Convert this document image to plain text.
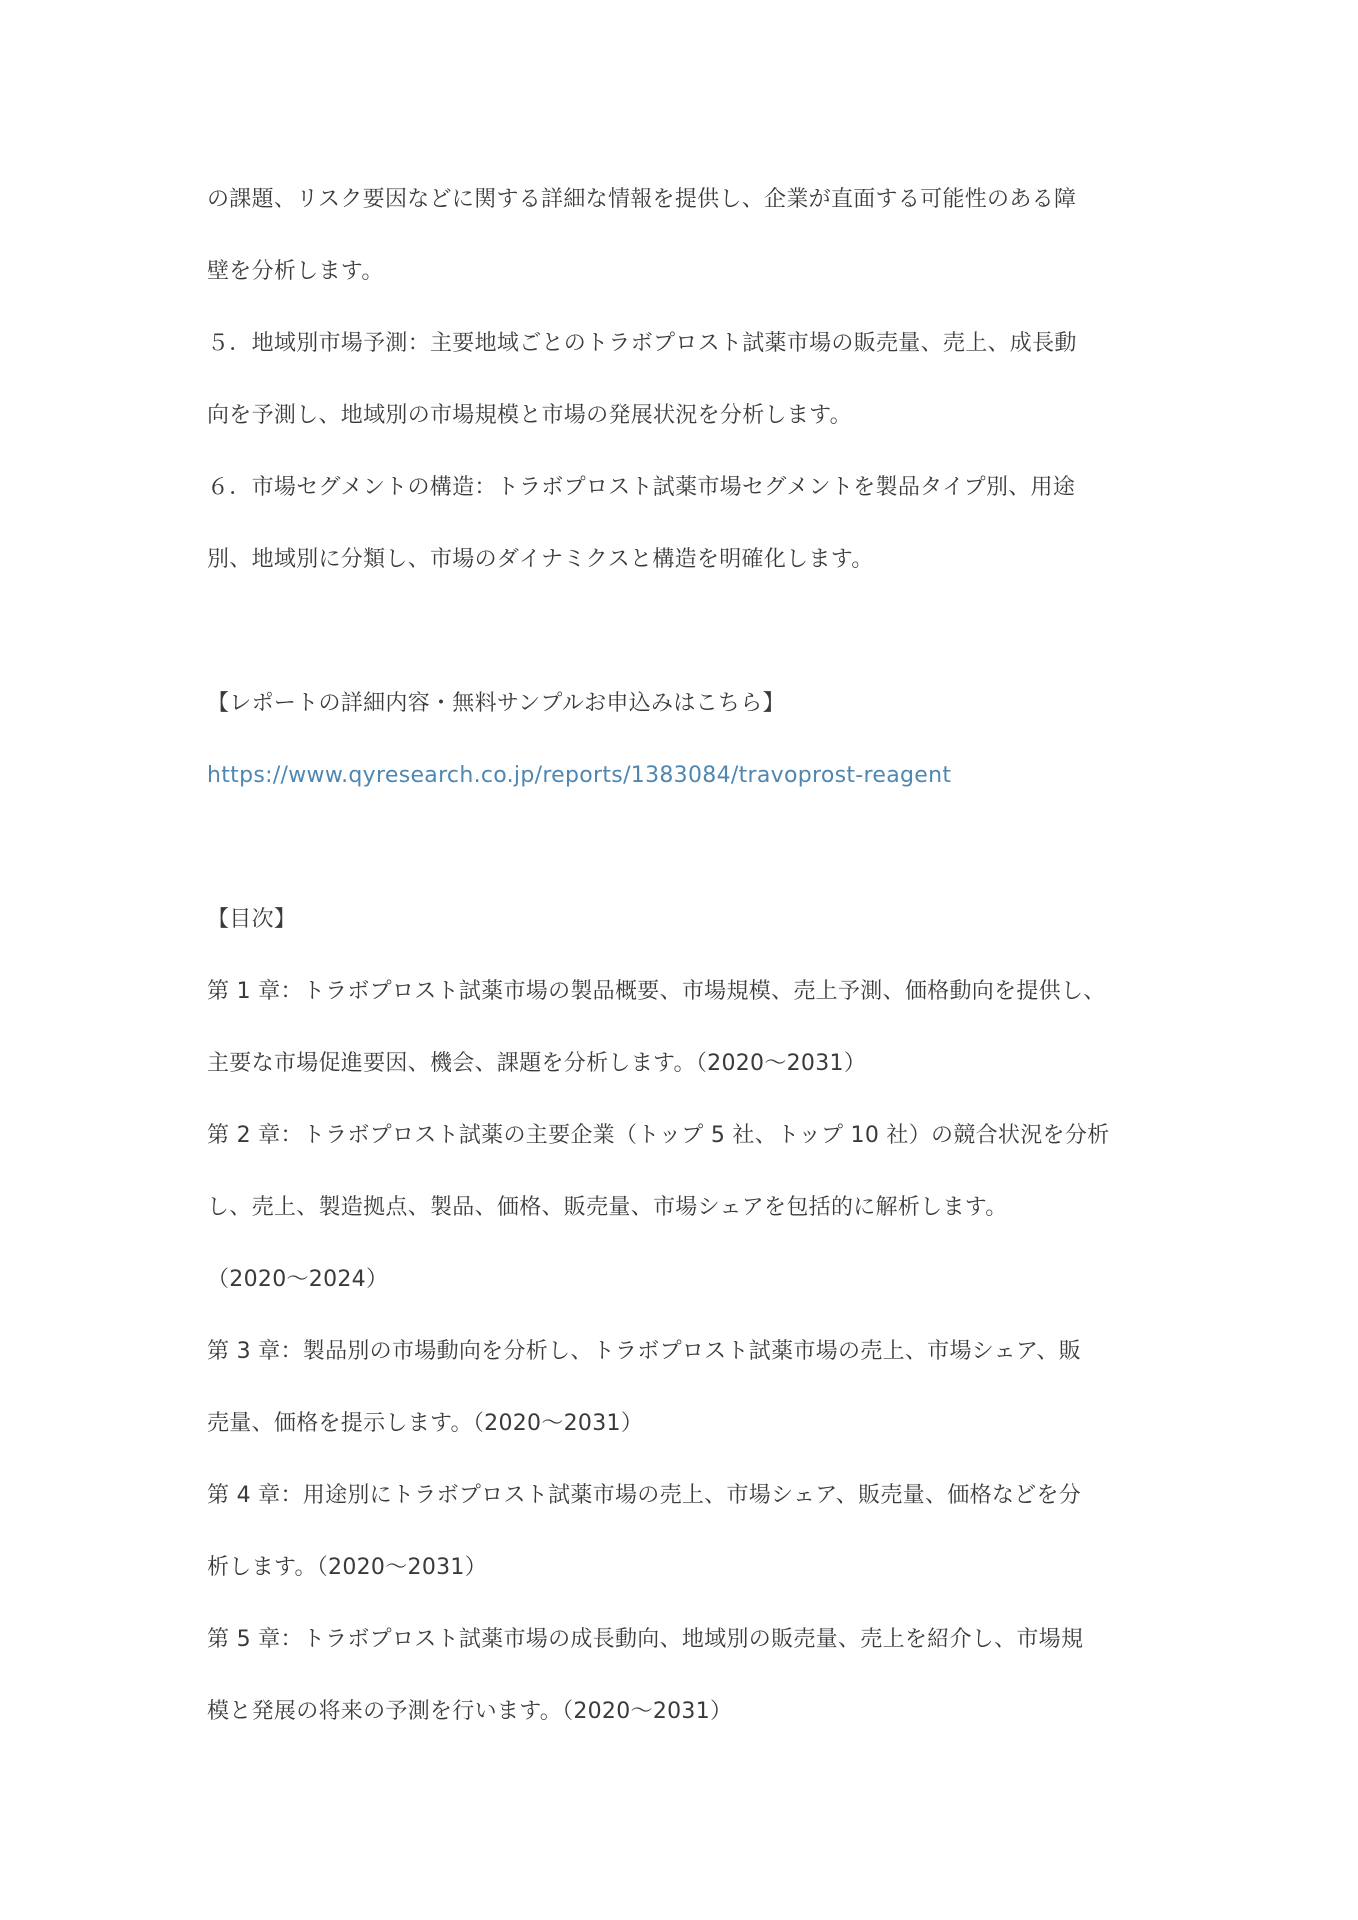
の課題、リスク要因などに関する詳細な情報を提供し、企業が直面する可能性のある障
壁を分析します。
５．地域別市場予測：主要地域ごとのトラボプロスト試薬市場の販売量、売上、成長動
向を予測し、地域別の市場規模と市場の発展状況を分析します。
６．市場セグメントの構造：トラボプロスト試薬市場セグメントを製品タイプ別、用途
別、地域別に分類し、市場のダイナミクスと構造を明確化します。
【レポートの詳細内容・無料サンプルお申込みはこちら】
https://www.qyresearch.co.jp/reports/1383084/travoprost-reagent
【目次】
第 1 章：トラボプロスト試薬市場の製品概要、市場規模、売上予測、価格動向を提供し、
主要な市場促進要因、機会、課題を分析します。（2020～2031）
第 2 章：トラボプロスト試薬の主要企業（トップ 5 社、トップ 10 社）の競合状況を分析
し、売上、製造拠点、製品、価格、販売量、市場シェアを包括的に解析します。
（2020～2024）
第 3 章：製品別の市場動向を分析し、トラボプロスト試薬市場の売上、市場シェア、販
売量、価格を提示します。（2020～2031）
第 4 章：用途別にトラボプロスト試薬市場の売上、市場シェア、販売量、価格などを分
析します。（2020～2031）
第 5 章：トラボプロスト試薬市場の成長動向、地域別の販売量、売上を紹介し、市場規
模と発展の将来の予測を行います。（2020～2031）
